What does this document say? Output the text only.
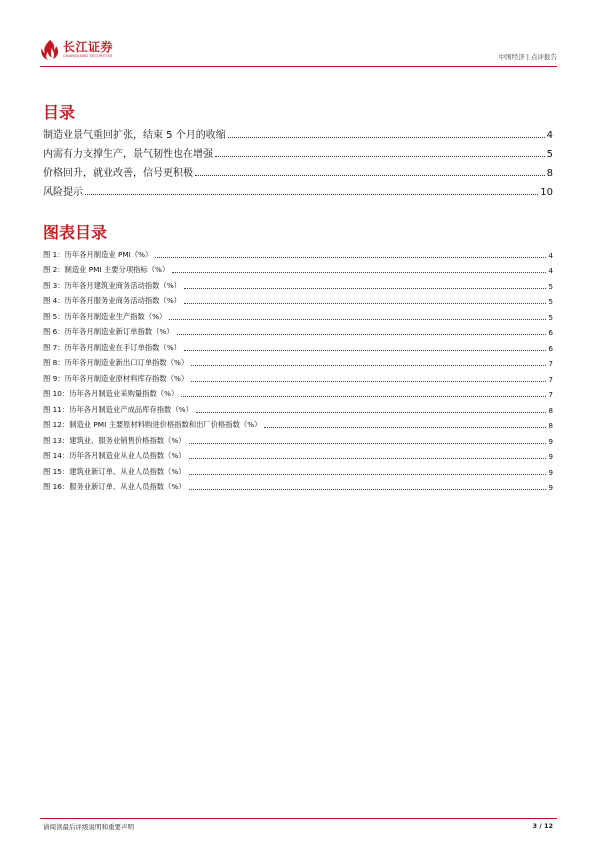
长江证券
CHANGJIANG SECURITIES	中国经济 | 点评报告
目录
制造业景气重回扩张，结束 5 个月的收缩	4
内需有力支撑生产，景气韧性也在增强	5
价格回升，就业改善，信号更积极	8
风险提示	10
图表目录
图 1：历年各月制造业 PMI（%）	4
图 2：制造业 PMI 主要分项指标（%）	4
图 3：历年各月建筑业商务活动指数（%）	5
图 4：历年各月服务业商务活动指数（%）	5
图 5：历年各月制造业生产指数（%）	5
图 6：历年各月制造业新订单指数（%）	6
图 7：历年各月制造业在手订单指数（%）	6
图 8：历年各月制造业新出口订单指数（%）	7
图 9：历年各月制造业原材料库存指数（%）	7
图 10：历年各月制造业采购量指数（%）	7
图 11：历年各月制造业产成品库存指数（%）	8
图 12：制造业 PMI 主要原材料购进价格指数和出厂价格指数（%）	8
图 13：建筑业、服务业销售价格指数（%）	9
图 14：历年各月制造业从业人员指数（%）	9
图 15：建筑业新订单、从业人员指数（%）	9
图 16：服务业新订单、从业人员指数（%）	9
请阅读最后评级说明和重要声明	3 / 12
